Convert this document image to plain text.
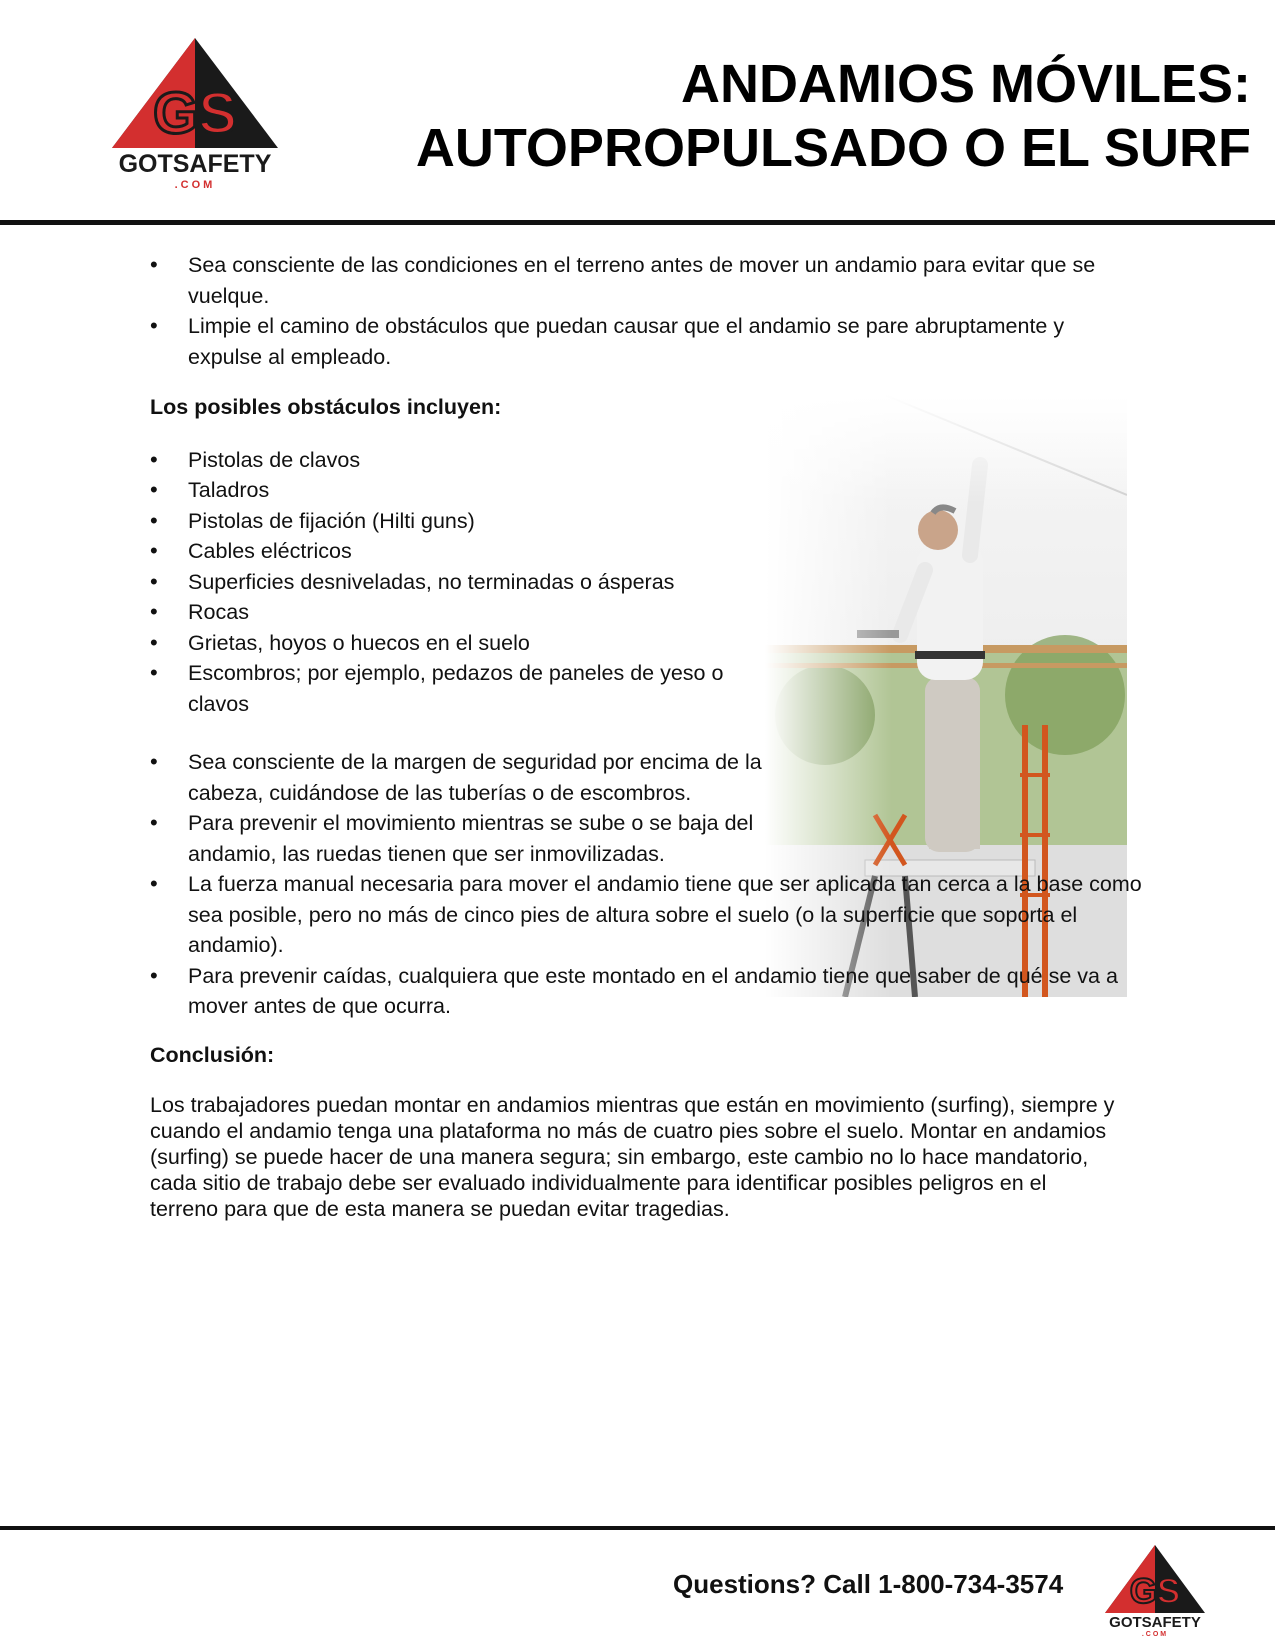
GS
GOTSAFETY
.COM
ANDAMIOS MÓVILES:
AUTOPROPULSADO O EL SURF
• Sea consciente de las condiciones en el terreno antes de mover un andamio para evitar que se vuelque.
• Limpie el camino de obstáculos que puedan causar que el andamio se pare abruptamente y expulse al empleado.

Los posibles obstáculos incluyen:

• Pistolas de clavos
• Taladros
• Pistolas de fijación (Hilti guns)
• Cables eléctricos
• Superficies desniveladas, no terminadas o ásperas
• Rocas
• Grietas, hoyos o huecos en el suelo
• Escombros; por ejemplo, pedazos de paneles de yeso o clavos
• Sea consciente de la margen de seguridad por encima de la cabeza, cuidándose de las tuberías o de escombros.
• Para prevenir el movimiento mientras se sube o se baja del andamio, las ruedas tienen que ser inmovilizadas.
• La fuerza manual necesaria para mover el andamio tiene que ser aplicada tan cerca a la base como sea posible, pero no más de cinco pies de altura sobre el suelo (o la superficie que soporta el andamio).
• Para prevenir caídas, cualquiera que este montado en el andamio tiene que saber de qué se va a mover antes de que ocurra.

Conclusión:

Los trabajadores puedan montar en andamios mientras que están en movimiento (surfing), siempre y cuando el andamio tenga una plataforma no más de cuatro pies sobre el suelo. Montar en andamios (surfing) se puede hacer de una manera segura; sin embargo, este cambio no lo hace mandatorio, cada sitio de trabajo debe ser evaluado individualmente para identificar posibles peligros en el terreno para que de esta manera se puedan evitar tragedias.

Questions? Call 1-800-734-3574 GS
GOTSAFETY
.COM
